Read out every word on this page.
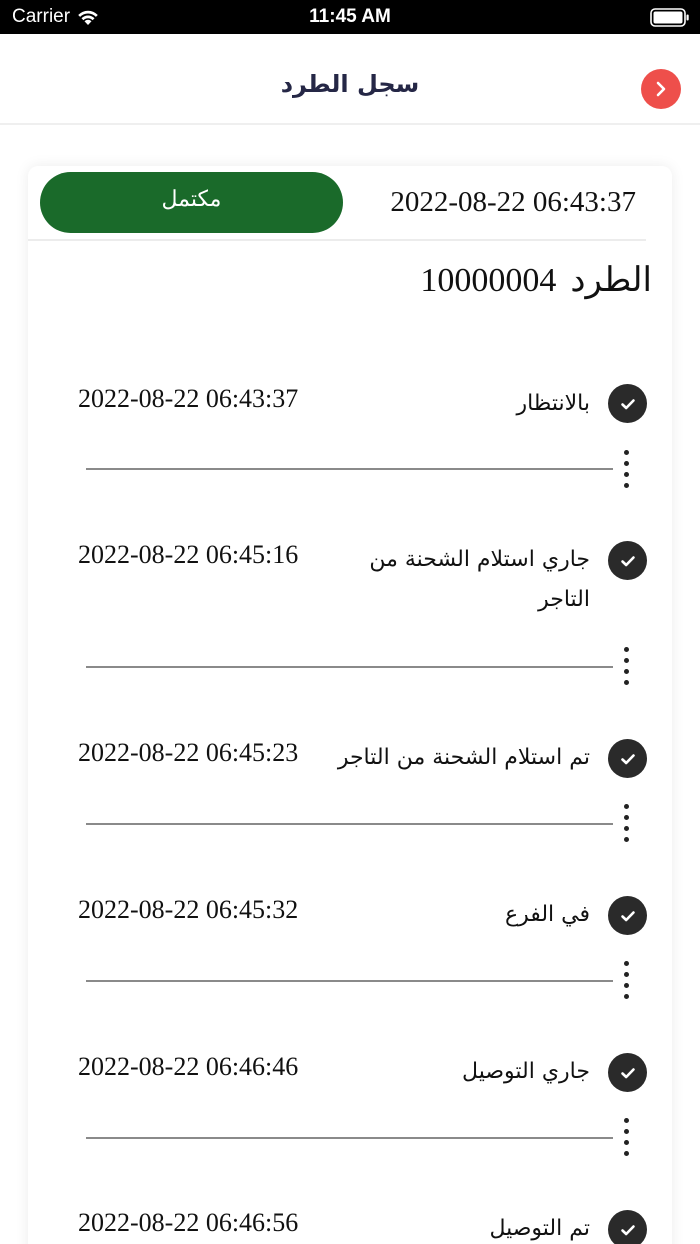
Carrier	11:45 AM
سجل الطرد
مكتمل	2022-08-22 06:43:37
الطرد
10000004
بالانتظار
2022-08-22 06:43:37
جاري استلام الشحنة من التاجر
2022-08-22 06:45:16
تم استلام الشحنة من التاجر
2022-08-22 06:45:23
في الفرع
2022-08-22 06:45:32
جاري التوصيل
2022-08-22 06:46:46
تم التوصيل
2022-08-22 06:46:56
